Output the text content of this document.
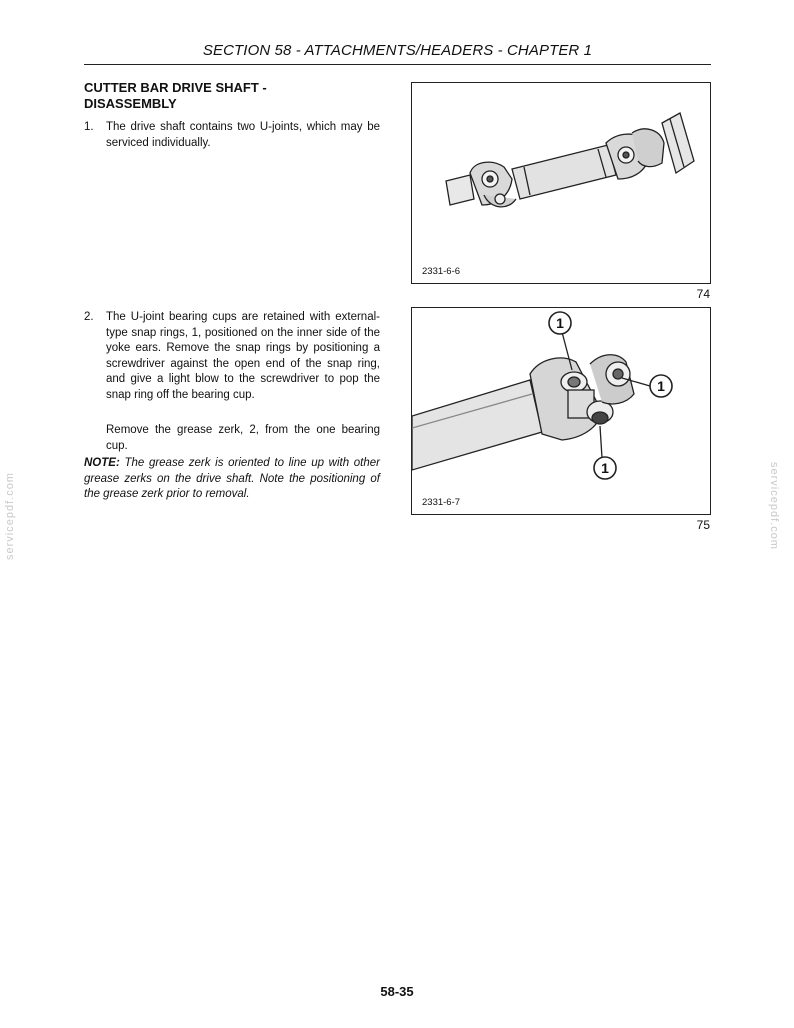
SECTION 58 - ATTACHMENTS/HEADERS - CHAPTER 1
CUTTER BAR DRIVE SHAFT -
DISASSEMBLY
1. The drive shaft contains two U-joints, which may be serviced individually.
2. The U-joint bearing cups are retained with external-type snap rings, 1, positioned on the inner side of the yoke ears. Remove the snap rings by positioning a screwdriver against the open end of the snap ring, and give a light blow to the screwdriver to pop the snap ring off the bearing cup.
Remove the grease zerk, 2, from the one bearing cup.
NOTE: The grease zerk is oriented to line up with other grease zerks on the drive shaft. Note the positioning of the grease zerk prior to removal.
2331-6-6
74
1
1
1
2331-6-7
75
servicepdf.com	servicepdf.com
58-35
